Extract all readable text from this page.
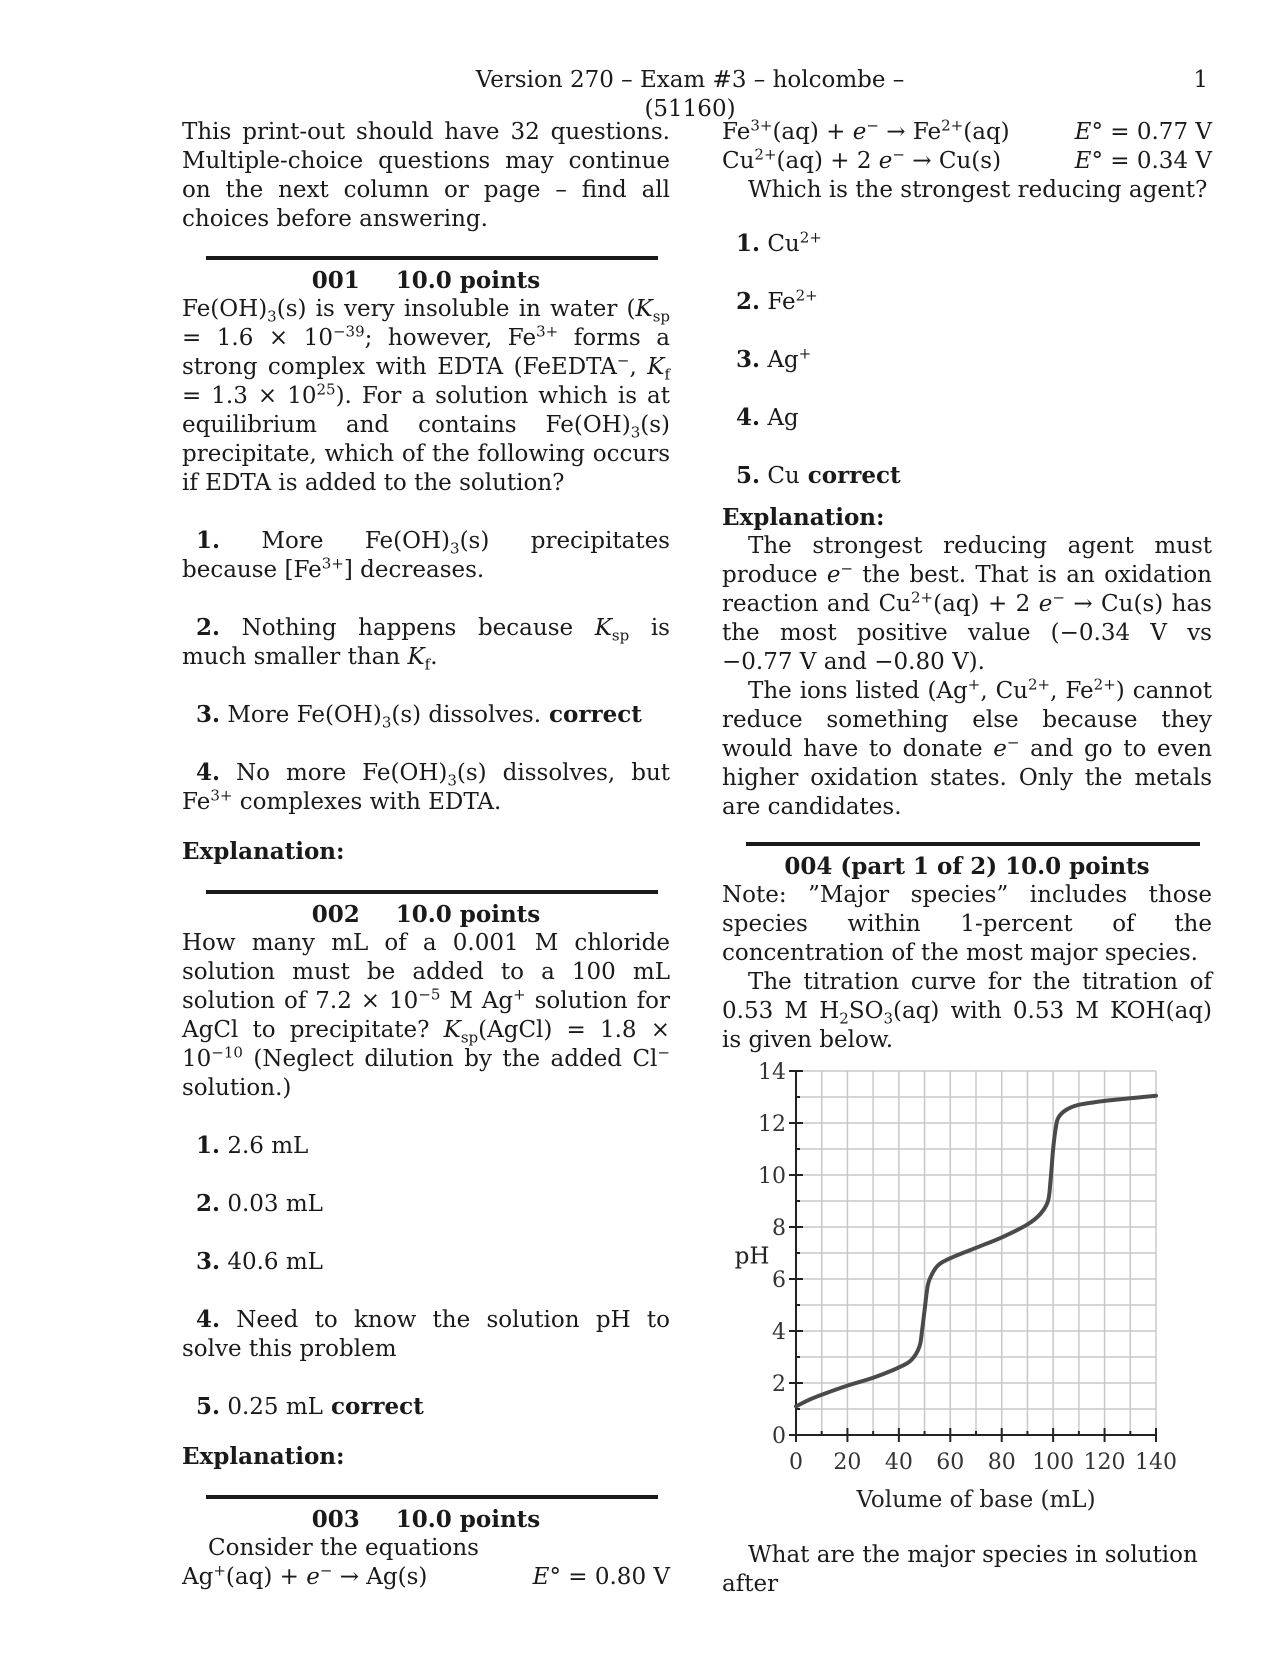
Version 270 – Exam #3 – holcombe – (51160)
1

This print-out should have 32 questions. Multiple-choice questions may continue on the next column or page – find all choices before answering.

001 10.0 points

$Fe(OH)_3(s)$ is very insoluble in water ($K_{sp} = 1.6 \times 10^{-39}$; however, $Fe^{3+}$ forms a strong complex with EDTA (FeEDTA−, $K_f = 1.3 \times 10^{25}$). For a solution which is at equilibrium and contains $Fe(OH)_3(s)$ precipitate, which of the following occurs if EDTA is added to the solution?

1. More $Fe(OH)_3(s)$ precipitates because $[Fe^{3+}]$ decreases.

2. Nothing happens because $K_{sp}$ is much smaller than $K_f$.

3. More $Fe(OH)_3(s)$ dissolves. correct

4. No more $Fe(OH)_3(s)$ dissolves, but $Fe^{3+}$ complexes with EDTA.

Explanation:

002 10.0 points

How many mL of a 0.001 M chloride solution must be added to a 100 mL solution of $7.2 \times 10^{-5}$ M Ag+ solution for AgCl to precipitate? $K_{sp}(AgCl) = 1.8 \times 10^{-10}$ (Neglect dilution by the added Cl− solution.)

1. 2.6 mL

2. 0.03 mL

3. 40.6 mL

4. Need to know the solution pH to solve this problem

5. 0.25 mL correct

Explanation:

003 10.0 points

Consider the equations

Ag+(aq) + e− → Ag(s)	E° = 0.80 V
$Fe^{3+}(aq) + e^- \to Fe^{2+}(aq)$	E° = 0.77 V
$Cu^{2+}(aq) + 2$ e− → Cu(s)	E° = 0.34 V

Which is the strongest reducing agent?

1. $Cu^{2+}$

2. $Fe^{2+}$

3. Ag+

4. Ag

5. Cu correct

Explanation:

The strongest reducing agent must produce e− the best. That is an oxidation reaction and $Cu^{2+}(aq) + 2$ e− → Cu(s) has the most positive value (−0.34 V vs −0.77 V and −0.80 V).

The ions listed (Ag+, $Cu^{2+}$, $Fe^{2+}$) cannot reduce something else because they would have to donate e− and go to even higher oxidation states. Only the metals are candidates.

004 (part 1 of 2) 10.0 points

Note: ”Major species” includes those species within 1-percent of the concentration of the most major species.

The titration curve for the titration of 0.53 M $H_2SO_3(aq)$ with 0.53 M KOH(aq) is given below.

0 20 40 60 80 100 120 140
0
2
4
6
8
10
12
14
Volume of base (mL)
pH

What are the major species in solution after
